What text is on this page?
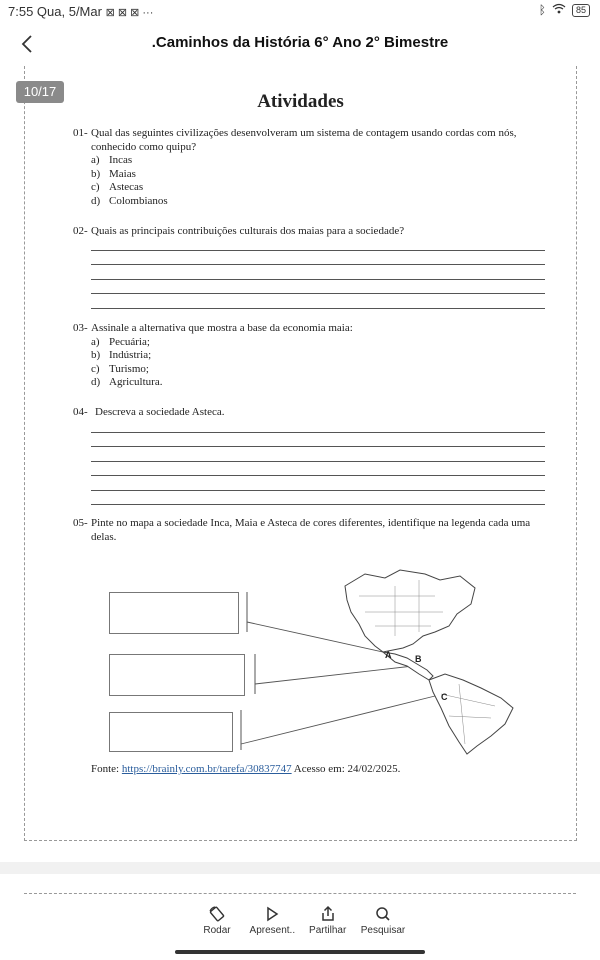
7:55 Qua, 5/Mar ⊠ ⊠ ⊠ ···	ᛒ	85
.Caminhos da História 6° Ano 2° Bimestre
Atividades
01- Qual das seguintes civilizações desenvolveram um sistema de contagem usando cordas com nós, conhecido como quipu?
a) Incas
b) Maias
c) Astecas
d) Colombianos
02- Quais as principais contribuições culturais dos maias para a sociedade?
03- Assinale a alternativa que mostra a base da economia maia:
a) Pecuária;
b) Indústria;
c) Turismo;
d) Agricultura.
04- Descreva a sociedade Asteca.
05- Pinte no mapa a sociedade Inca, Maia e Asteca de cores diferentes, identifique na legenda cada uma delas.
A	B
C
Fonte: https://brainly.com.br/tarefa/30837747 Acesso em: 24/02/2025.
Rodar	Apresent..	Partilhar	Pesquisar
10/17
